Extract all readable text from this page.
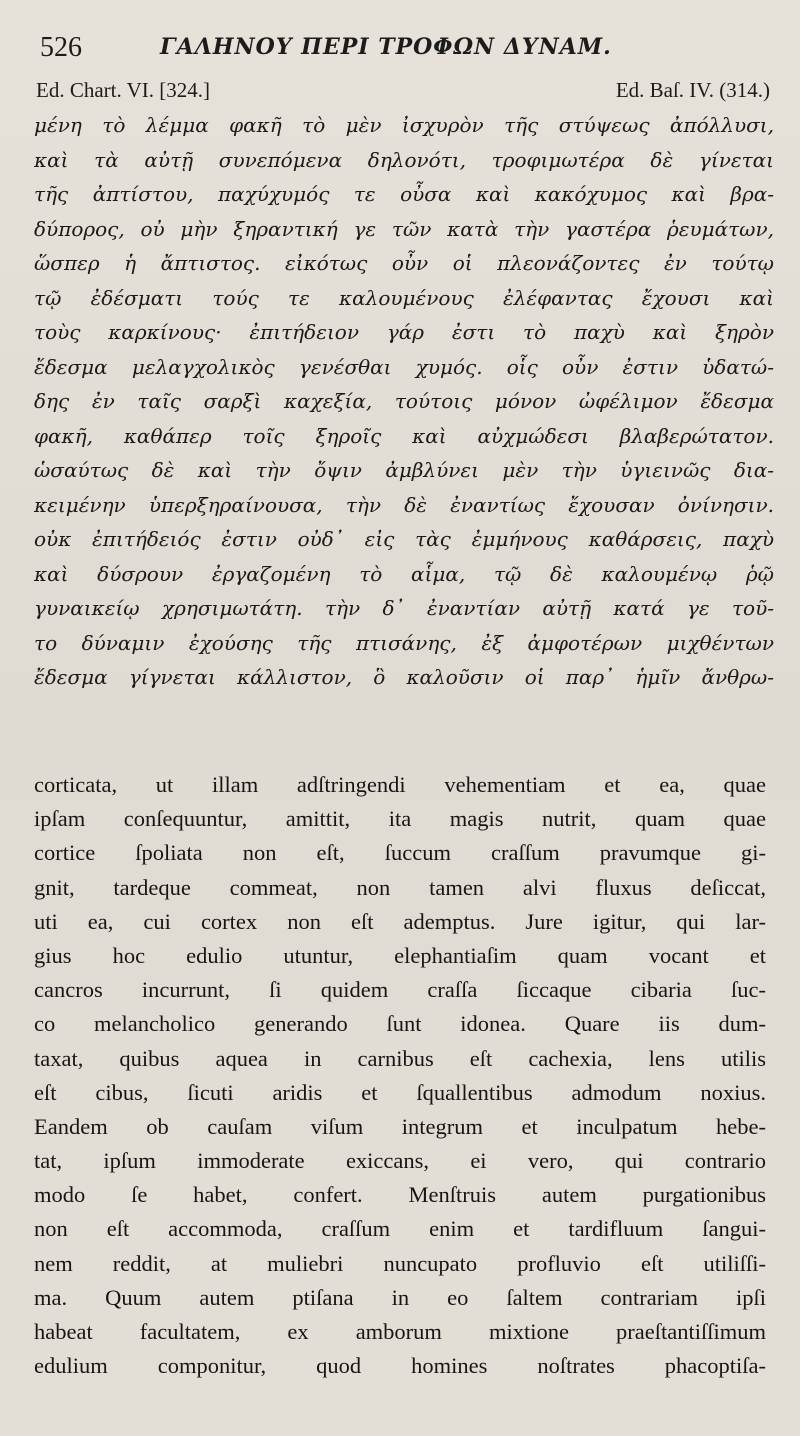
526	ΓΑΛΗΝΟΥ ΠΕΡΙ ΤΡΟΦΩΝ ΔΥΝΑΜ.
Ed. Chart. VI. [324.]	Ed. Baſ. IV. (314.)
μένη τὸ λέμμα φακῆ τὸ μὲν ἰσχυρὸν τῆς στύψεως ἀπόλλυσι,
καὶ τὰ αὐτῇ συνεπόμενα δηλονότι, τροφιμωτέρα δὲ γίνεται
τῆς ἀπτίστου, παχύχυμός τε οὖσα καὶ κακόχυμος καὶ βρα-
δύπορος, οὐ μὴν ξηραντική γε τῶν κατὰ τὴν γαστέρα ῥευμάτων,
ὥσπερ ἡ ἄπτιστος. εἰκότως οὖν οἱ πλεονάζοντες ἐν τούτῳ
τῷ ἐδέσματι τούς τε καλουμένους ἐλέφαντας ἔχουσι καὶ
τοὺς καρκίνους· ἐπιτήδειον γάρ ἐστι τὸ παχὺ καὶ ξηρὸν
ἔδεσμα μελαγχολικὸς γενέσθαι χυμός. οἷς οὖν ἐστιν ὑδατώ-
δης ἐν ταῖς σαρξὶ καχεξία, τούτοις μόνον ὠφέλιμον ἔδεσμα
φακῆ, καθάπερ τοῖς ξηροῖς καὶ αὐχμώδεσι βλαβερώτατον.
ὡσαύτως δὲ καὶ τὴν ὄψιν ἀμβλύνει μὲν τὴν ὑγιεινῶς δια-
κειμένην ὑπερξηραίνουσα, τὴν δὲ ἐναντίως ἔχουσαν ὀνίνησιν.
οὐκ ἐπιτήδειός ἐστιν οὐδ᾽ εἰς τὰς ἐμμήνους καθάρσεις, παχὺ
καὶ δύσρουν ἐργαζομένη τὸ αἷμα, τῷ δὲ καλουμένῳ ῥῷ
γυναικείῳ χρησιμωτάτη. τὴν δ᾽ ἐναντίαν αὐτῇ κατά γε τοῦ-
το δύναμιν ἐχούσης τῆς πτισάνης, ἐξ ἀμφοτέρων μιχθέντων
ἔδεσμα γίγνεται κάλλιστον, ὃ καλοῦσιν οἱ παρ᾽ ἡμῖν ἄνθρω-
corticata, ut illam adſtringendi vehementiam et ea, quae
ipſam conſequuntur, amittit, ita magis nutrit, quam quae
cortice ſpoliata non eſt, ſuccum craſſum pravumque gi-
gnit, tardeque commeat, non tamen alvi fluxus deſiccat,
uti ea, cui cortex non eſt ademptus. Jure igitur, qui lar-
gius hoc edulio utuntur, elephantiaſim quam vocant et
cancros incurrunt, ſi quidem craſſa ſiccaque cibaria ſuc-
co melancholico generando ſunt idonea. Quare iis dum-
taxat, quibus aquea in carnibus eſt cachexia, lens utilis
eſt cibus, ſicuti aridis et ſquallentibus admodum noxius.
Eandem ob cauſam viſum integrum et inculpatum hebe-
tat, ipſum immoderate exiccans, ei vero, qui contrario
modo ſe habet, confert. Menſtruis autem purgationibus
non eſt accommoda, craſſum enim et tardifluum ſangui-
nem reddit, at muliebri nuncupato profluvio eſt utiliſſi-
ma. Quum autem ptiſana in eo ſaltem contrariam ipſi
habeat facultatem, ex amborum mixtione praeſtantiſſimum
edulium componitur, quod homines noſtrates phacoptiſa-
